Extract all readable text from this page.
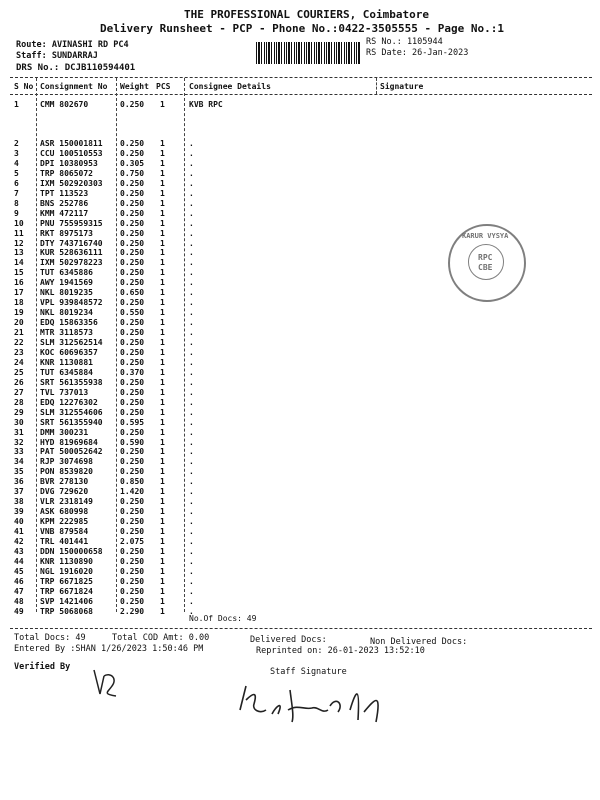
THE PROFESSIONAL COURIERS, Coimbatore
Delivery Runsheet - PCP - Phone No.:0422-3505555 - Page No.:1
Route: AVINASHI RD PC4
Staff: SUNDARRAJ
DRS No.: DCJB110594401
RS No.: 1105944
RS Date: 26-Jan-2023
S No Consignment No Weight PCS Consignee Details	Signature
1	CMM 802670	0.250 1	KVB RPC
2	ASR 150001811 0.250 1	.
3	CCU 100510553 0.250 1	.
4	DPI 10380953	0.305 1	.
5	TRP 8065072	0.750 1	.
6	IXM 502920303 0.250 1	.
7	TPT 113523	0.250 1	.
8	BNS 252786	0.250 1	.
9	KMM 472117	0.250 1	.
10 PNU 755959315 0.250 1	.
11 RKT 8975173	0.250 1	.
12 DTY 743716740 0.250 1	.
13 KUR 528636111 0.250 1	.
14 IXM 502978223 0.250 1	.
15 TUT 6345886	0.250 1	.
16 AWY 1941569	0.250 1	.
17 NKL 8019235	0.650 1	.
18 VPL 939848572 0.250 1	.
19 NKL 8019234	0.550 1	.
20 EDQ 15863356	0.250 1	.
21 MTR 3118573	0.250 1	.
22 SLM 312562514 0.250 1	.
23 KOC 60696357	0.250 1	.
24 KNR 1130881	0.250 1	.
25 TUT 6345884	0.370 1	.
26 SRT 561355938 0.250 1	.
27 TVL 737013	0.250 1	.
28 EDQ 12276302	0.250 1	.
29 SLM 312554606 0.250 1	.
30 SRT 561355940 0.595 1	.
31 DMM 300231	0.250 1	.
32 HYD 81969684	0.590 1	.
33 PAT 500052642 0.250 1	.
34 RJP 3074698	0.250 1	.
35 PON 8539820	0.250 1	.
36 BVR 278130	0.850 1	.
37 DVG 729620	1.420 1	.
38 VLR 2318149	0.250 1	.
39 ASK 680998	0.250 1	.
40 KPM 222985	0.250 1	.
41 VNB 879584	0.250 1	.
42 TRL 401441	2.075 1	.
43 DDN 150000658 0.250 1	.
44 KNR 1130890	0.250 1	.
45 NGL 1916020	0.250 1	.
46 TRP 6671825	0.250 1	.
47 TRP 6671824	0.250 1	.
48 SVP 1421406	0.250 1	.
49 TRP 5068068	2.290 1	.
No.Of Docs: 49
KARUR VYSYA
RPC
CBE
Total Docs: 49	Total COD Amt: 0.00	Delivered Docs:	Non Delivered Docs:
Entered By :SHAN 1/26/2023 1:50:46 PM	Reprinted on: 26-01-2023 13:52:10
Verified By	Staff Signature
